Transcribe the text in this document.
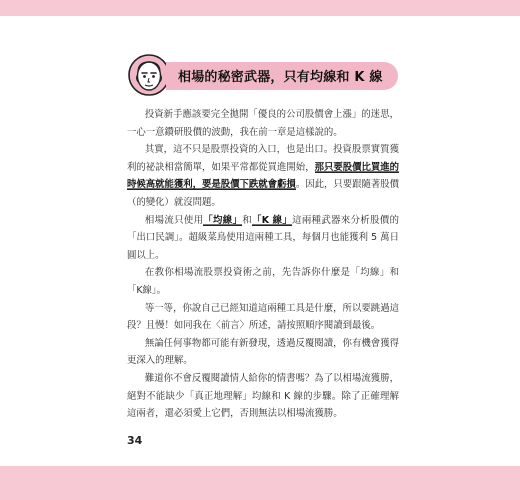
相場的秘密武器，只有均線和 K 線

投資新手應該要完全拋開「優良的公司股價會上漲」的迷思，一心一意鑽研股價的波動，我在前一章是這樣說的。

其實，這不只是股票投資的入口，也是出口。投資股票實質獲利的祕訣相當簡單，如果平常都從買進開始，那只要股價比買進的時候高就能獲利，要是股價下跌就會虧損。因此，只要跟隨著股價（的變化）就沒問題。

相場流只使用「均線」和「K 線」這兩種武器來分析股價的「出口民調」。超級菜鳥使用這兩種工具，每個月也能獲利 5 萬日圓以上。

在教你相場流股票投資術之前，先告訴你什麼是「均線」和「K線」。

等一等，你說自己已經知道這兩種工具是什麼，所以要跳過這段？且慢！如同我在〈前言〉所述，請按照順序閱讀到最後。

無論任何事物都可能有新發現，透過反覆閱讀，你有機會獲得更深入的理解。

難道你不會反覆閱讀情人給你的情書嗎？為了以相場流獲勝，絕對不能缺少「真正地理解」均線和 K 線的步驟。除了正確理解這兩者，還必須愛上它們，否則無法以相場流獲勝。

34
